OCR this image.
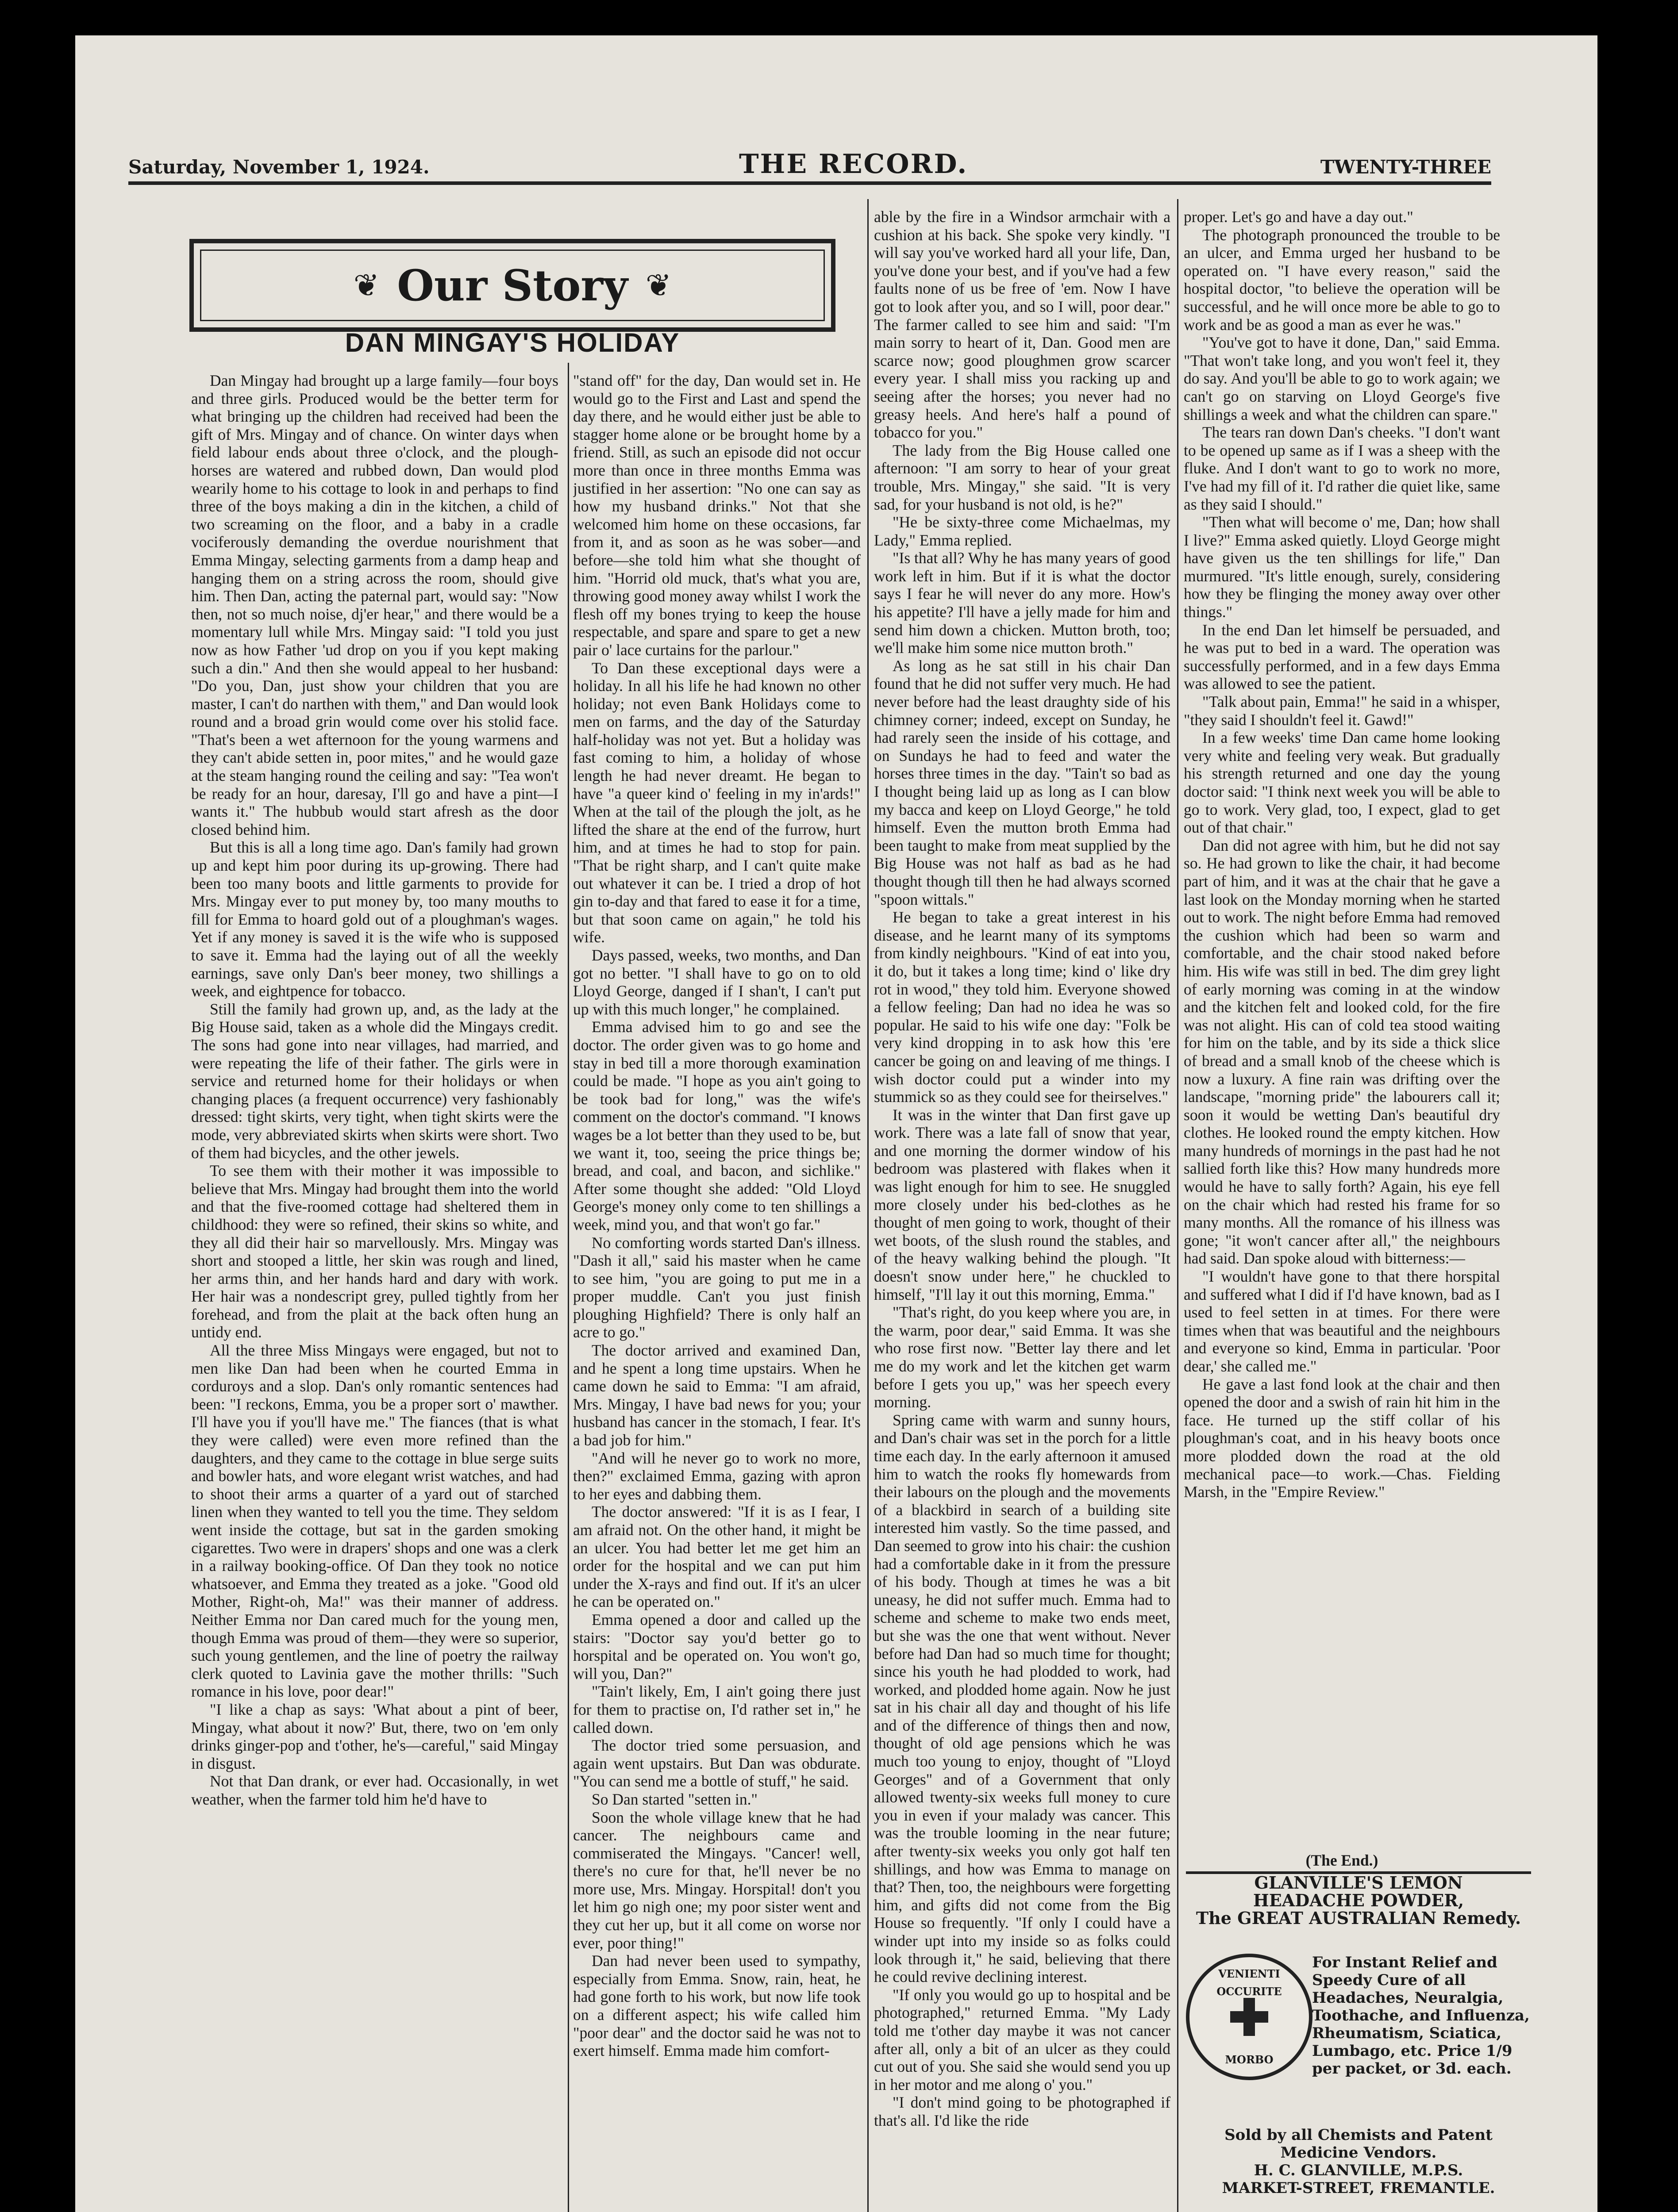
Saturday, November 1, 1924.	THE RECORD.	TWENTY-THREE
❦ Our Story ❦
DAN MINGAY'S HOLIDAY

Dan Mingay had brought up a large family—four boys and three girls. Produced would be the better term for what bringing up the children had received had been the gift of Mrs. Mingay and of chance. On winter days when field labour ends about three o'clock, and the plough-horses are watered and rubbed down, Dan would plod wearily home to his cottage to look in and perhaps to find three of the boys making a din in the kitchen, a child of two screaming on the floor, and a baby in a cradle vociferously demanding the overdue nourishment that Emma Mingay, selecting garments from a damp heap and hanging them on a string across the room, should give him. Then Dan, acting the paternal part, would say: "Now then, not so much noise, dj'er hear," and there would be a momentary lull while Mrs. Mingay said: "I told you just now as how Father 'ud drop on you if you kept making such a din." And then she would appeal to her husband: "Do you, Dan, just show your children that you are master, I can't do narthen with them," and Dan would look round and a broad grin would come over his stolid face. "That's been a wet afternoon for the young warmens and they can't abide setten in, poor mites," and he would gaze at the steam hanging round the ceiling and say: "Tea won't be ready for an hour, daresay, I'll go and have a pint—I wants it." The hubbub would start afresh as the door closed behind him.

But this is all a long time ago. Dan's family had grown up and kept him poor during its up-growing. There had been too many boots and little garments to provide for Mrs. Mingay ever to put money by, too many mouths to fill for Emma to hoard gold out of a ploughman's wages. Yet if any money is saved it is the wife who is supposed to save it. Emma had the laying out of all the weekly earnings, save only Dan's beer money, two shillings a week, and eightpence for tobacco.

Still the family had grown up, and, as the lady at the Big House said, taken as a whole did the Mingays credit. The sons had gone into near villages, had married, and were repeating the life of their father. The girls were in service and returned home for their holidays or when changing places (a frequent occurrence) very fashionably dressed: tight skirts, very tight, when tight skirts were the mode, very abbreviated skirts when skirts were short. Two of them had bicycles, and the other jewels.

To see them with their mother it was impossible to believe that Mrs. Mingay had brought them into the world and that the five-roomed cottage had sheltered them in childhood: they were so refined, their skins so white, and they all did their hair so marvellously. Mrs. Mingay was short and stooped a little, her skin was rough and lined, her arms thin, and her hands hard and dary with work. Her hair was a nondescript grey, pulled tightly from her forehead, and from the plait at the back often hung an untidy end.

All the three Miss Mingays were engaged, but not to men like Dan had been when he courted Emma in corduroys and a slop. Dan's only romantic sentences had been: "I reckons, Emma, you be a proper sort o' mawther. I'll have you if you'll have me." The fiances (that is what they were called) were even more refined than the daughters, and they came to the cottage in blue serge suits and bowler hats, and wore elegant wrist watches, and had to shoot their arms a quarter of a yard out of starched linen when they wanted to tell you the time. They seldom went inside the cottage, but sat in the garden smoking cigarettes. Two were in drapers' shops and one was a clerk in a railway booking-office. Of Dan they took no notice whatsoever, and Emma they treated as a joke. "Good old Mother, Right-oh, Ma!" was their manner of address. Neither Emma nor Dan cared much for the young men, though Emma was proud of them—they were so superior, such young gentlemen, and the line of poetry the railway clerk quoted to Lavinia gave the mother thrills: "Such romance in his love, poor dear!"

"I like a chap as says: 'What about a pint of beer, Mingay, what about it now?' But, there, two on 'em only drinks ginger-pop and t'other, he's—careful," said Mingay in disgust.

Not that Dan drank, or ever had. Occasionally, in wet weather, when the farmer told him he'd have to

"stand off" for the day, Dan would set in. He would go to the First and Last and spend the day there, and he would either just be able to stagger home alone or be brought home by a friend. Still, as such an episode did not occur more than once in three months Emma was justified in her assertion: "No one can say as how my husband drinks." Not that she welcomed him home on these occasions, far from it, and as soon as he was sober—and before—she told him what she thought of him. "Horrid old muck, that's what you are, throwing good money away whilst I work the flesh off my bones trying to keep the house respectable, and spare and spare to get a new pair o' lace curtains for the parlour."

To Dan these exceptional days were a holiday. In all his life he had known no other holiday; not even Bank Holidays come to men on farms, and the day of the Saturday half-holiday was not yet. But a holiday was fast coming to him, a holiday of whose length he had never dreamt. He began to have "a queer kind o' feeling in my in'ards!" When at the tail of the plough the jolt, as he lifted the share at the end of the furrow, hurt him, and at times he had to stop for pain. "That be right sharp, and I can't quite make out whatever it can be. I tried a drop of hot gin to-day and that fared to ease it for a time, but that soon came on again," he told his wife.

Days passed, weeks, two months, and Dan got no better. "I shall have to go on to old Lloyd George, danged if I shan't, I can't put up with this much longer," he complained.

Emma advised him to go and see the doctor. The order given was to go home and stay in bed till a more thorough examination could be made. "I hope as you ain't going to be took bad for long," was the wife's comment on the doctor's command. "I knows wages be a lot better than they used to be, but we want it, too, seeing the price things be; bread, and coal, and bacon, and sichlike." After some thought she added: "Old Lloyd George's money only come to ten shillings a week, mind you, and that won't go far."

No comforting words started Dan's illness. "Dash it all," said his master when he came to see him, "you are going to put me in a proper muddle. Can't you just finish ploughing Highfield? There is only half an acre to go."

The doctor arrived and examined Dan, and he spent a long time upstairs. When he came down he said to Emma: "I am afraid, Mrs. Mingay, I have bad news for you; your husband has cancer in the stomach, I fear. It's a bad job for him."

"And will he never go to work no more, then?" exclaimed Emma, gazing with apron to her eyes and dabbing them.

The doctor answered: "If it is as I fear, I am afraid not. On the other hand, it might be an ulcer. You had better let me get him an order for the hospital and we can put him under the X-rays and find out. If it's an ulcer he can be operated on."

Emma opened a door and called up the stairs: "Doctor say you'd better go to horspital and be operated on. You won't go, will you, Dan?"

"Tain't likely, Em, I ain't going there just for them to practise on, I'd rather set in," he called down.

The doctor tried some persuasion, and again went upstairs. But Dan was obdurate. "You can send me a bottle of stuff," he said.

So Dan started "setten in."

Soon the whole village knew that he had cancer. The neighbours came and commiserated the Mingays. "Cancer! well, there's no cure for that, he'll never be no more use, Mrs. Mingay. Horspital! don't you let him go nigh one; my poor sister went and they cut her up, but it all come on worse nor ever, poor thing!"

Dan had never been used to sympathy, especially from Emma. Snow, rain, heat, he had gone forth to his work, but now life took on a different aspect; his wife called him "poor dear" and the doctor said he was not to exert himself. Emma made him comfort-

able by the fire in a Windsor armchair with a cushion at his back. She spoke very kindly. "I will say you've worked hard all your life, Dan, you've done your best, and if you've had a few faults none of us be free of 'em. Now I have got to look after you, and so I will, poor dear." The farmer called to see him and said: "I'm main sorry to heart of it, Dan. Good men are scarce now; good ploughmen grow scarcer every year. I shall miss you racking up and seeing after the horses; you never had no greasy heels. And here's half a pound of tobacco for you."

The lady from the Big House called one afternoon: "I am sorry to hear of your great trouble, Mrs. Mingay," she said. "It is very sad, for your husband is not old, is he?"

"He be sixty-three come Michaelmas, my Lady," Emma replied.

"Is that all? Why he has many years of good work left in him. But if it is what the doctor says I fear he will never do any more. How's his appetite? I'll have a jelly made for him and send him down a chicken. Mutton broth, too; we'll make him some nice mutton broth."

As long as he sat still in his chair Dan found that he did not suffer very much. He had never before had the least draughty side of his chimney corner; indeed, except on Sunday, he had rarely seen the inside of his cottage, and on Sundays he had to feed and water the horses three times in the day. "Tain't so bad as I thought being laid up as long as I can blow my bacca and keep on Lloyd George," he told himself. Even the mutton broth Emma had been taught to make from meat supplied by the Big House was not half as bad as he had thought though till then he had always scorned "spoon wittals."

He began to take a great interest in his disease, and he learnt many of its symptoms from kindly neighbours. "Kind of eat into you, it do, but it takes a long time; kind o' like dry rot in wood," they told him. Everyone showed a fellow feeling; Dan had no idea he was so popular. He said to his wife one day: "Folk be very kind dropping in to ask how this 'ere cancer be going on and leaving of me things. I wish doctor could put a winder into my stummick so as they could see for theirselves."

It was in the winter that Dan first gave up work. There was a late fall of snow that year, and one morning the dormer window of his bedroom was plastered with flakes when it was light enough for him to see. He snuggled more closely under his bed-clothes as he thought of men going to work, thought of their wet boots, of the slush round the stables, and of the heavy walking behind the plough. "It doesn't snow under here," he chuckled to himself, "I'll lay it out this morning, Emma."

"That's right, do you keep where you are, in the warm, poor dear," said Emma. It was she who rose first now. "Better lay there and let me do my work and let the kitchen get warm before I gets you up," was her speech every morning.

Spring came with warm and sunny hours, and Dan's chair was set in the porch for a little time each day. In the early afternoon it amused him to watch the rooks fly homewards from their labours on the plough and the movements of a blackbird in search of a building site interested him vastly. So the time passed, and Dan seemed to grow into his chair: the cushion had a comfortable dake in it from the pressure of his body. Though at times he was a bit uneasy, he did not suffer much. Emma had to scheme and scheme to make two ends meet, but she was the one that went without. Never before had Dan had so much time for thought; since his youth he had plodded to work, had worked, and plodded home again. Now he just sat in his chair all day and thought of his life and of the difference of things then and now, thought of old age pensions which he was much too young to enjoy, thought of "Lloyd Georges" and of a Government that only allowed twenty-six weeks full money to cure you in even if your malady was cancer. This was the trouble looming in the near future; after twenty-six weeks you only got half ten shillings, and how was Emma to manage on that? Then, too, the neighbours were forgetting him, and gifts did not come from the Big House so frequently. "If only I could have a winder upt into my inside so as folks could look through it," he said, believing that there he could revive declining interest.

"If only you would go up to hospital and be photographed," returned Emma. "My Lady told me t'other day maybe it was not cancer after all, only a bit of an ulcer as they could cut out of you. She said she would send you up in her motor and me along o' you."

"I don't mind going to be photographed if that's all. I'd like the ride

proper. Let's go and have a day out."

The photograph pronounced the trouble to be an ulcer, and Emma urged her husband to be operated on. "I have every reason," said the hospital doctor, "to believe the operation will be successful, and he will once more be able to go to work and be as good a man as ever he was."

"You've got to have it done, Dan," said Emma. "That won't take long, and you won't feel it, they do say. And you'll be able to go to work again; we can't go on starving on Lloyd George's five shillings a week and what the children can spare."

The tears ran down Dan's cheeks. "I don't want to be opened up same as if I was a sheep with the fluke. And I don't want to go to work no more, I've had my fill of it. I'd rather die quiet like, same as they said I should."

"Then what will become o' me, Dan; how shall I live?" Emma asked quietly. Lloyd George might have given us the ten shillings for life," Dan murmured. "It's little enough, surely, considering how they be flinging the money away over other things."

In the end Dan let himself be persuaded, and he was put to bed in a ward. The operation was successfully performed, and in a few days Emma was allowed to see the patient.

"Talk about pain, Emma!" he said in a whisper, "they said I shouldn't feel it. Gawd!"

In a few weeks' time Dan came home looking very white and feeling very weak. But gradually his strength returned and one day the young doctor said: "I think next week you will be able to go to work. Very glad, too, I expect, glad to get out of that chair."

Dan did not agree with him, but he did not say so. He had grown to like the chair, it had become part of him, and it was at the chair that he gave a last look on the Monday morning when he started out to work. The night before Emma had removed the cushion which had been so warm and comfortable, and the chair stood naked before him. His wife was still in bed. The dim grey light of early morning was coming in at the window and the kitchen felt and looked cold, for the fire was not alight. His can of cold tea stood waiting for him on the table, and by its side a thick slice of bread and a small knob of the cheese which is now a luxury. A fine rain was drifting over the landscape, "morning pride" the labourers call it; soon it would be wetting Dan's beautiful dry clothes. He looked round the empty kitchen. How many hundreds of mornings in the past had he not sallied forth like this? How many hundreds more would he have to sally forth? Again, his eye fell on the chair which had rested his frame for so many months. All the romance of his illness was gone; "it won't cancer after all," the neighbours had said. Dan spoke aloud with bitterness:—

"I wouldn't have gone to that there horspital and suffered what I did if I'd have known, bad as I used to feel setten in at times. For there were times when that was beautiful and the neighbours and everyone so kind, Emma in particular. 'Poor dear,' she called me."

He gave a last fond look at the chair and then opened the door and a swish of rain hit him in the face. He turned up the stiff collar of his ploughman's coat, and in his heavy boots once more plodded down the road at the old mechanical pace—to work.—Chas. Fielding Marsh, in the "Empire Review."

(The End.)
GLANVILLE'S LEMON
HEADACHE POWDER,
The GREAT AUSTRALIAN Remedy.
VENIENTI OCCURITE
MORBO
For Instant Relief and Speedy Cure of all Headaches, Neuralgia, Toothache, and Influenza, Rheumatism, Sciatica, Lumbago, etc. Price 1/9 per packet, or 3d. each.
Sold by all Chemists and Patent Medicine Vendors.
H. C. GLANVILLE, M.P.S.
MARKET-STREET, FREMANTLE.
